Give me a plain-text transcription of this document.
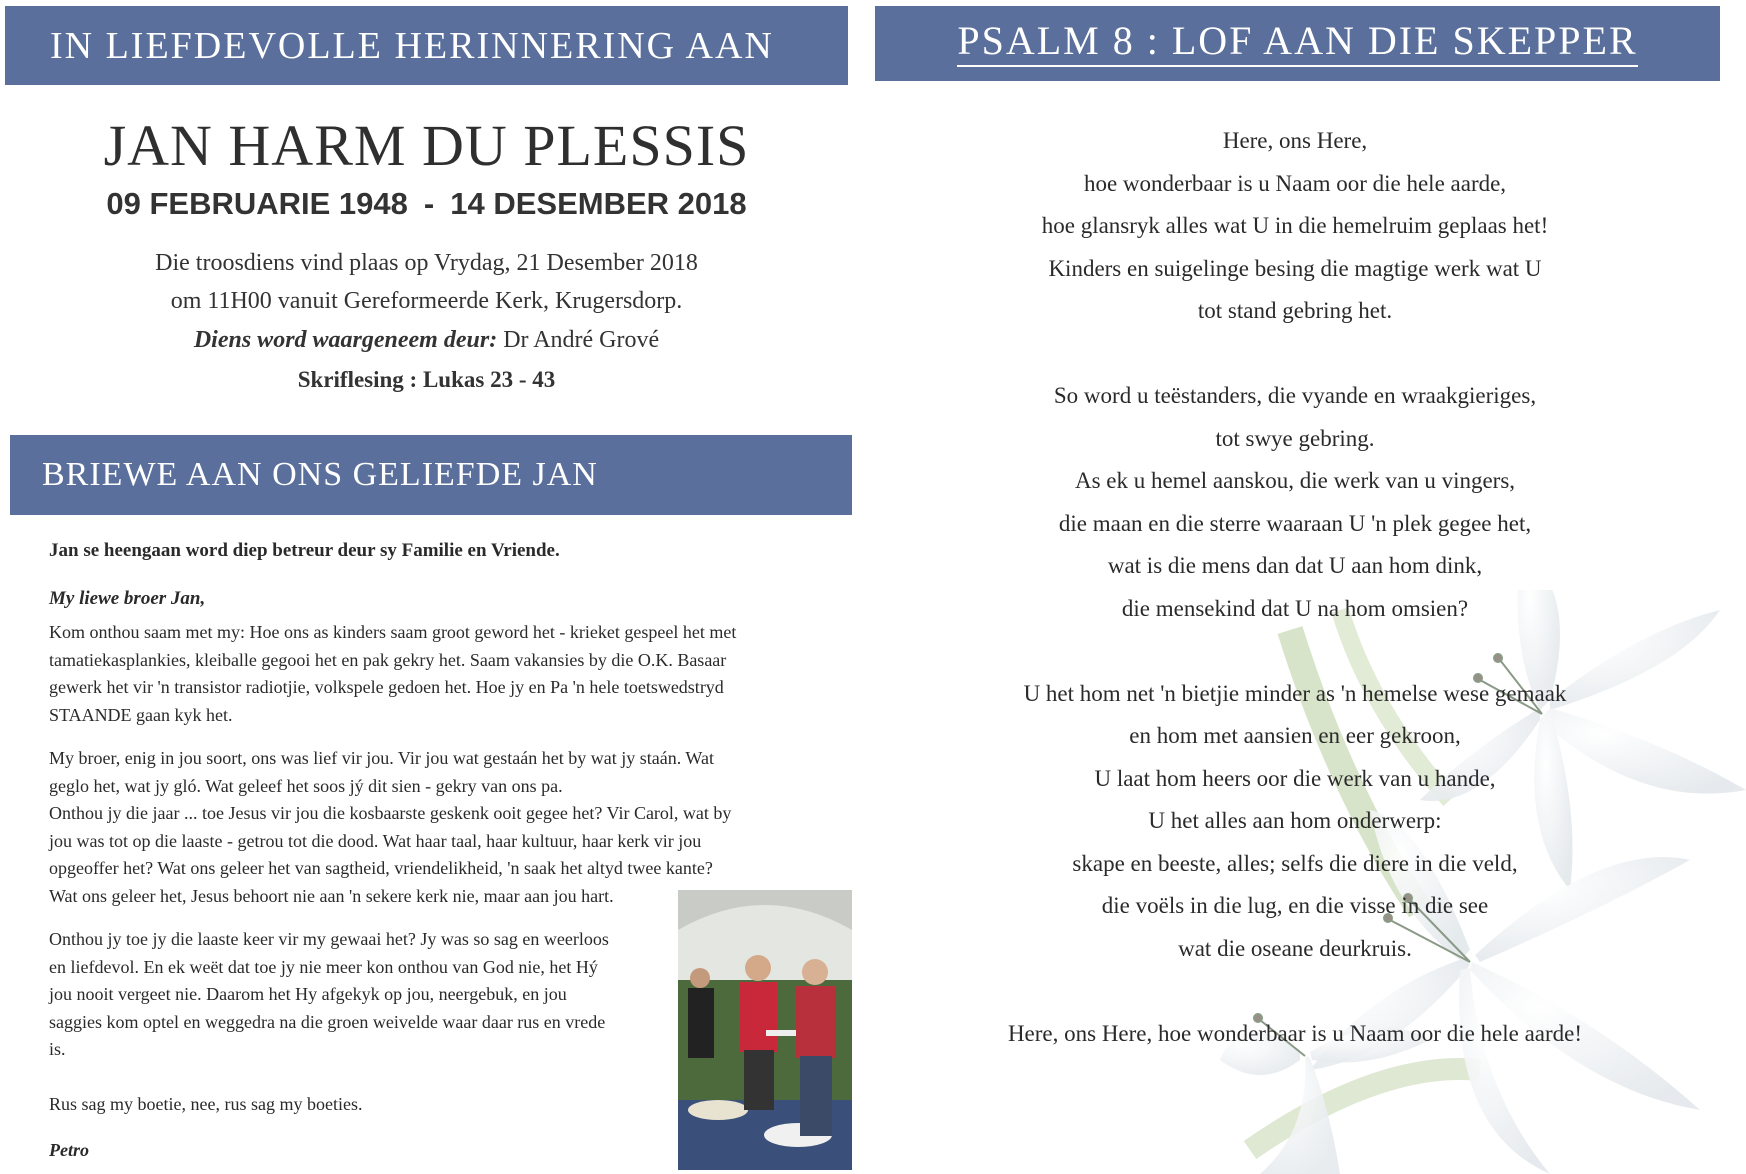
IN LIEFDEVOLLE HERINNERING AAN
JAN HARM DU PLESSIS
09 FEBRUARIE 1948 - 14 DESEMBER 2018
Die troosdiens vind plaas op Vrydag, 21 Desember 2018
om 11H00 vanuit Gereformeerde Kerk, Krugersdorp.
Diens word waargeneem deur: Dr André Grové
Skriflesing : Lukas 23 - 43
BRIEWE AAN ONS GELIEFDE JAN
Jan se heengaan word diep betreur deur sy Familie en Vriende.
My liewe broer Jan,
Kom onthou saam met my: Hoe ons as kinders saam groot geword het - krieket gespeel het met
tamatiekasplankies, kleiballe gegooi het en pak gekry het. Saam vakansies by die O.K. Basaar
gewerk het vir 'n transistor radiotjie, volkspele gedoen het. Hoe jy en Pa 'n hele toetswedstryd
STAANDE gaan kyk het.
My broer, enig in jou soort, ons was lief vir jou. Vir jou wat gestaán het by wat jy staán. Wat
geglo het, wat jy gló. Wat geleef het soos jý dit sien - gekry van ons pa.
Onthou jy die jaar ... toe Jesus vir jou die kosbaarste geskenk ooit gegee het? Vir Carol, wat by
jou was tot op die laaste - getrou tot die dood. Wat haar taal, haar kultuur, haar kerk vir jou
opgeoffer het? Wat ons geleer het van sagtheid, vriendelikheid, 'n saak het altyd twee kante?
Wat ons geleer het, Jesus behoort nie aan 'n sekere kerk nie, maar aan jou hart.
Onthou jy toe jy die laaste keer vir my gewaai het? Jy was so sag en weerloos
en liefdevol. En ek weët dat toe jy nie meer kon onthou van God nie, het Hý
jou nooit vergeet nie. Daarom het Hy afgekyk op jou, neergebuk, en jou
saggies kom optel en weggedra na die groen weivelde waar daar rus en vrede
is.
Rus sag my boetie, nee, rus sag my boeties.
Petro
PSALM 8 : LOF AAN DIE SKEPPER
Here, ons Here,
hoe wonderbaar is u Naam oor die hele aarde,
hoe glansryk alles wat U in die hemelruim geplaas het!
Kinders en suigelinge besing die magtige werk wat U
tot stand gebring het.
So word u teëstanders, die vyande en wraakgieriges,
tot swye gebring.
As ek u hemel aanskou, die werk van u vingers,
die maan en die sterre waaraan U 'n plek gegee het,
wat is die mens dan dat U aan hom dink,
die mensekind dat U na hom omsien?
U het hom net 'n bietjie minder as 'n hemelse wese gemaak
en hom met aansien en eer gekroon,
U laat hom heers oor die werk van u hande,
U het alles aan hom onderwerp:
skape en beeste, alles; selfs die diere in die veld,
die voëls in die lug, en die visse in die see
wat die oseane deurkruis.
Here, ons Here, hoe wonderbaar is u Naam oor die hele aarde!
